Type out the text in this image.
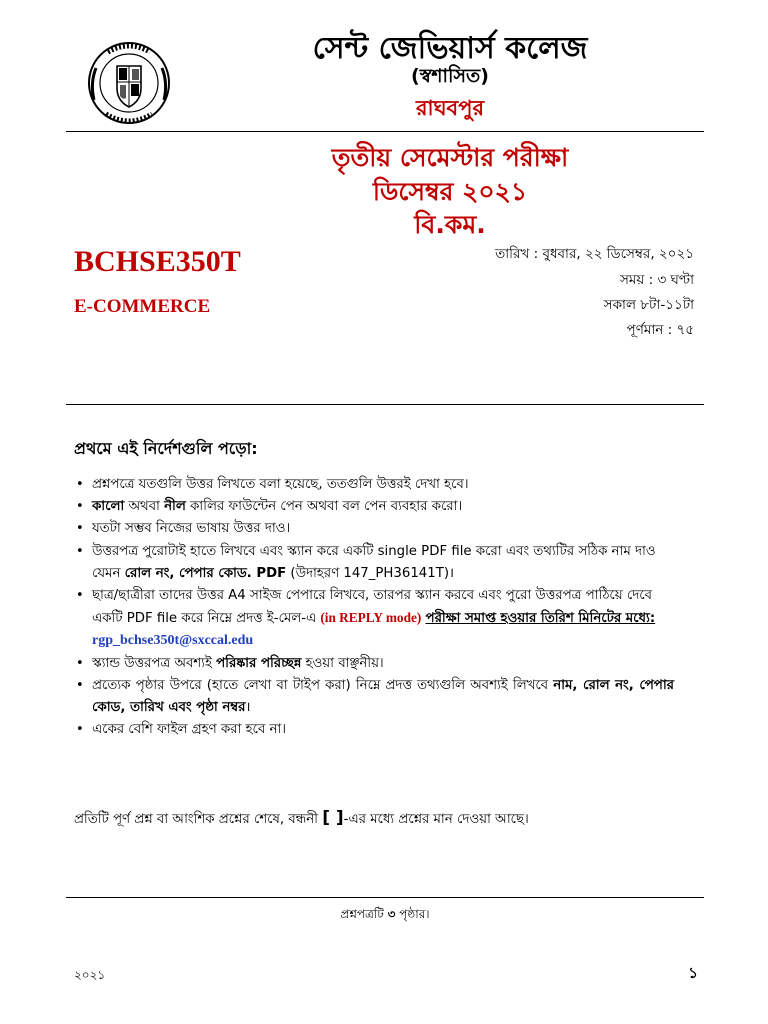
সেন্ট জেভিয়ার্স কলেজ
(স্বশাসিত)
রাঘবপুর
তৃতীয় সেমেস্টার পরীক্ষা
ডিসেম্বর ২০২১
বি.কম.
BCHSE350T
E-COMMERCE
তারিখ : বুধবার, ২২ ডিসেম্বর, ২০২১
সময় : ৩ ঘণ্টা
সকাল ৮টা-১১টা
পূর্ণমান : ৭৫
প্রথমে এই নির্দেশগুলি পড়ো:
• প্রশ্নপত্রে যতগুলি উত্তর লিখতে বলা হয়েছে, ততগুলি উত্তরই দেখা হবে।
• কালো অথবা নীল কালির ফাউন্টেন পেন অথবা বল পেন ব্যবহার করো।
• যতটা সম্ভব নিজের ভাষায় উত্তর দাও।
• উত্তরপত্র পুরোটাই হাতে লিখবে এবং স্ক্যান করে একটি single PDF file করো এবং তথ্যটির সঠিক নাম দাও
যেমন রোল নং, পেপার কোড. PDF (উদাহরণ 147_PH36141T)।
• ছাত্র/ছাত্রীরা তাদের উত্তর A4 সাইজ পেপারে লিখবে, তারপর স্ক্যান করবে এবং পুরো উত্তরপত্র পাঠিয়ে দেবে
একটি PDF file করে নিম্নে প্রদত্ত ই-মেল-এ (in REPLY mode) পরীক্ষা সমাপ্ত হওয়ার তিরিশ মিনিটের মধ্যে:
rgp_bchse350t@sxccal.edu
• স্ক্যান্ড উত্তরপত্র অবশ্যই পরিষ্কার পরিচ্ছন্ন হওয়া বাঞ্ছনীয়।
• প্রত্যেক পৃষ্ঠার উপরে (হাতে লেখা বা টাইপ করা) নিম্নে প্রদত্ত তথ্যগুলি অবশ্যই লিখবে নাম, রোল নং, পেপার কোড, তারিখ এবং পৃষ্ঠা নম্বর।
• একের বেশি ফাইল গ্রহণ করা হবে না।
প্রতিটি পূর্ণ প্রশ্ন বা আংশিক প্রশ্নের শেষে, বন্ধনী [ ]-এর মধ্যে প্রশ্নের মান দেওয়া আছে।
প্রশ্নপত্রটি ৩ পৃষ্ঠার।
২০২১	১
